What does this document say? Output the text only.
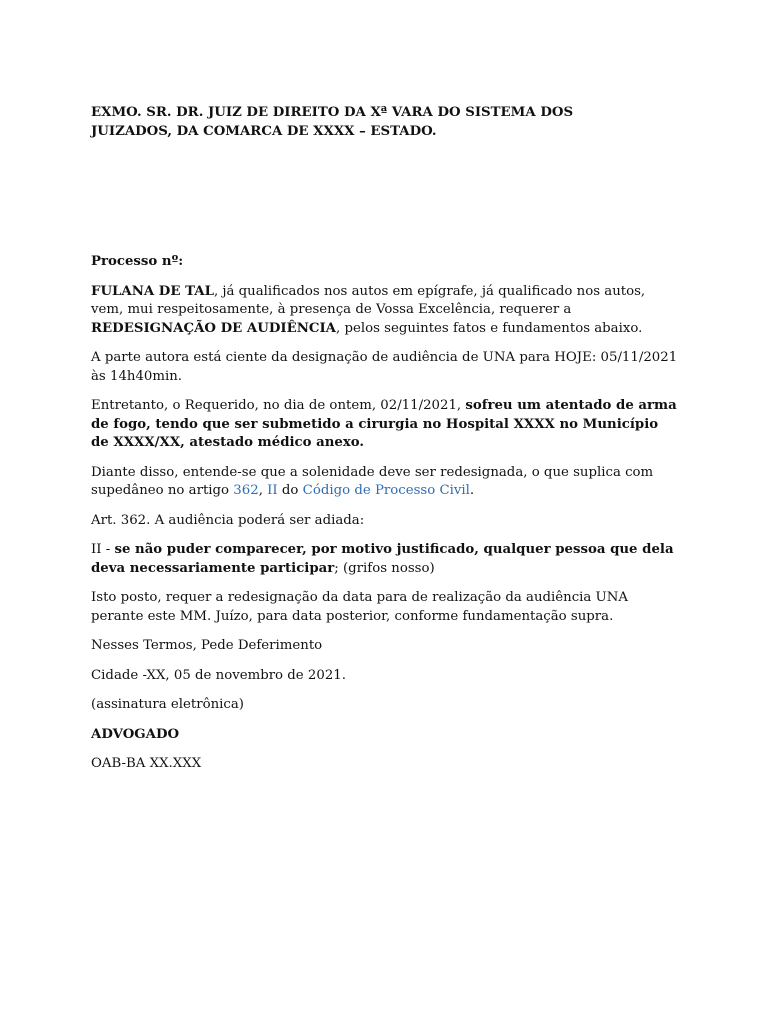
EXMO. SR. DR. JUIZ DE DIREITO DA Xª VARA DO SISTEMA DOS JUIZADOS, DA COMARCA DE XXXX – ESTADO.

Processo nº:

FULANA DE TAL, já qualificados nos autos em epígrafe, já qualificado nos autos, vem, mui respeitosamente, à presença de Vossa Excelência, requerer a REDESIGNAÇÃO DE AUDIÊNCIA, pelos seguintes fatos e fundamentos abaixo.

A parte autora está ciente da designação de audiência de UNA para HOJE: 05/11/2021 às 14h40min.

Entretanto, o Requerido, no dia de ontem, 02/11/2021, sofreu um atentado de arma de fogo, tendo que ser submetido a cirurgia no Hospital XXXX no Município de XXXX/XX, atestado médico anexo.

Diante disso, entende-se que a solenidade deve ser redesignada, o que suplica com supedâneo no artigo 362, II do Código de Processo Civil.

Art. 362. A audiência poderá ser adiada:

II - se não puder comparecer, por motivo justificado, qualquer pessoa que dela deva necessariamente participar; (grifos nosso)

Isto posto, requer a redesignação da data para de realização da audiência UNA perante este MM. Juízo, para data posterior, conforme fundamentação supra.

Nesses Termos, Pede Deferimento

Cidade -XX, 05 de novembro de 2021.

(assinatura eletrônica)

ADVOGADO

OAB-BA XX.XXX
